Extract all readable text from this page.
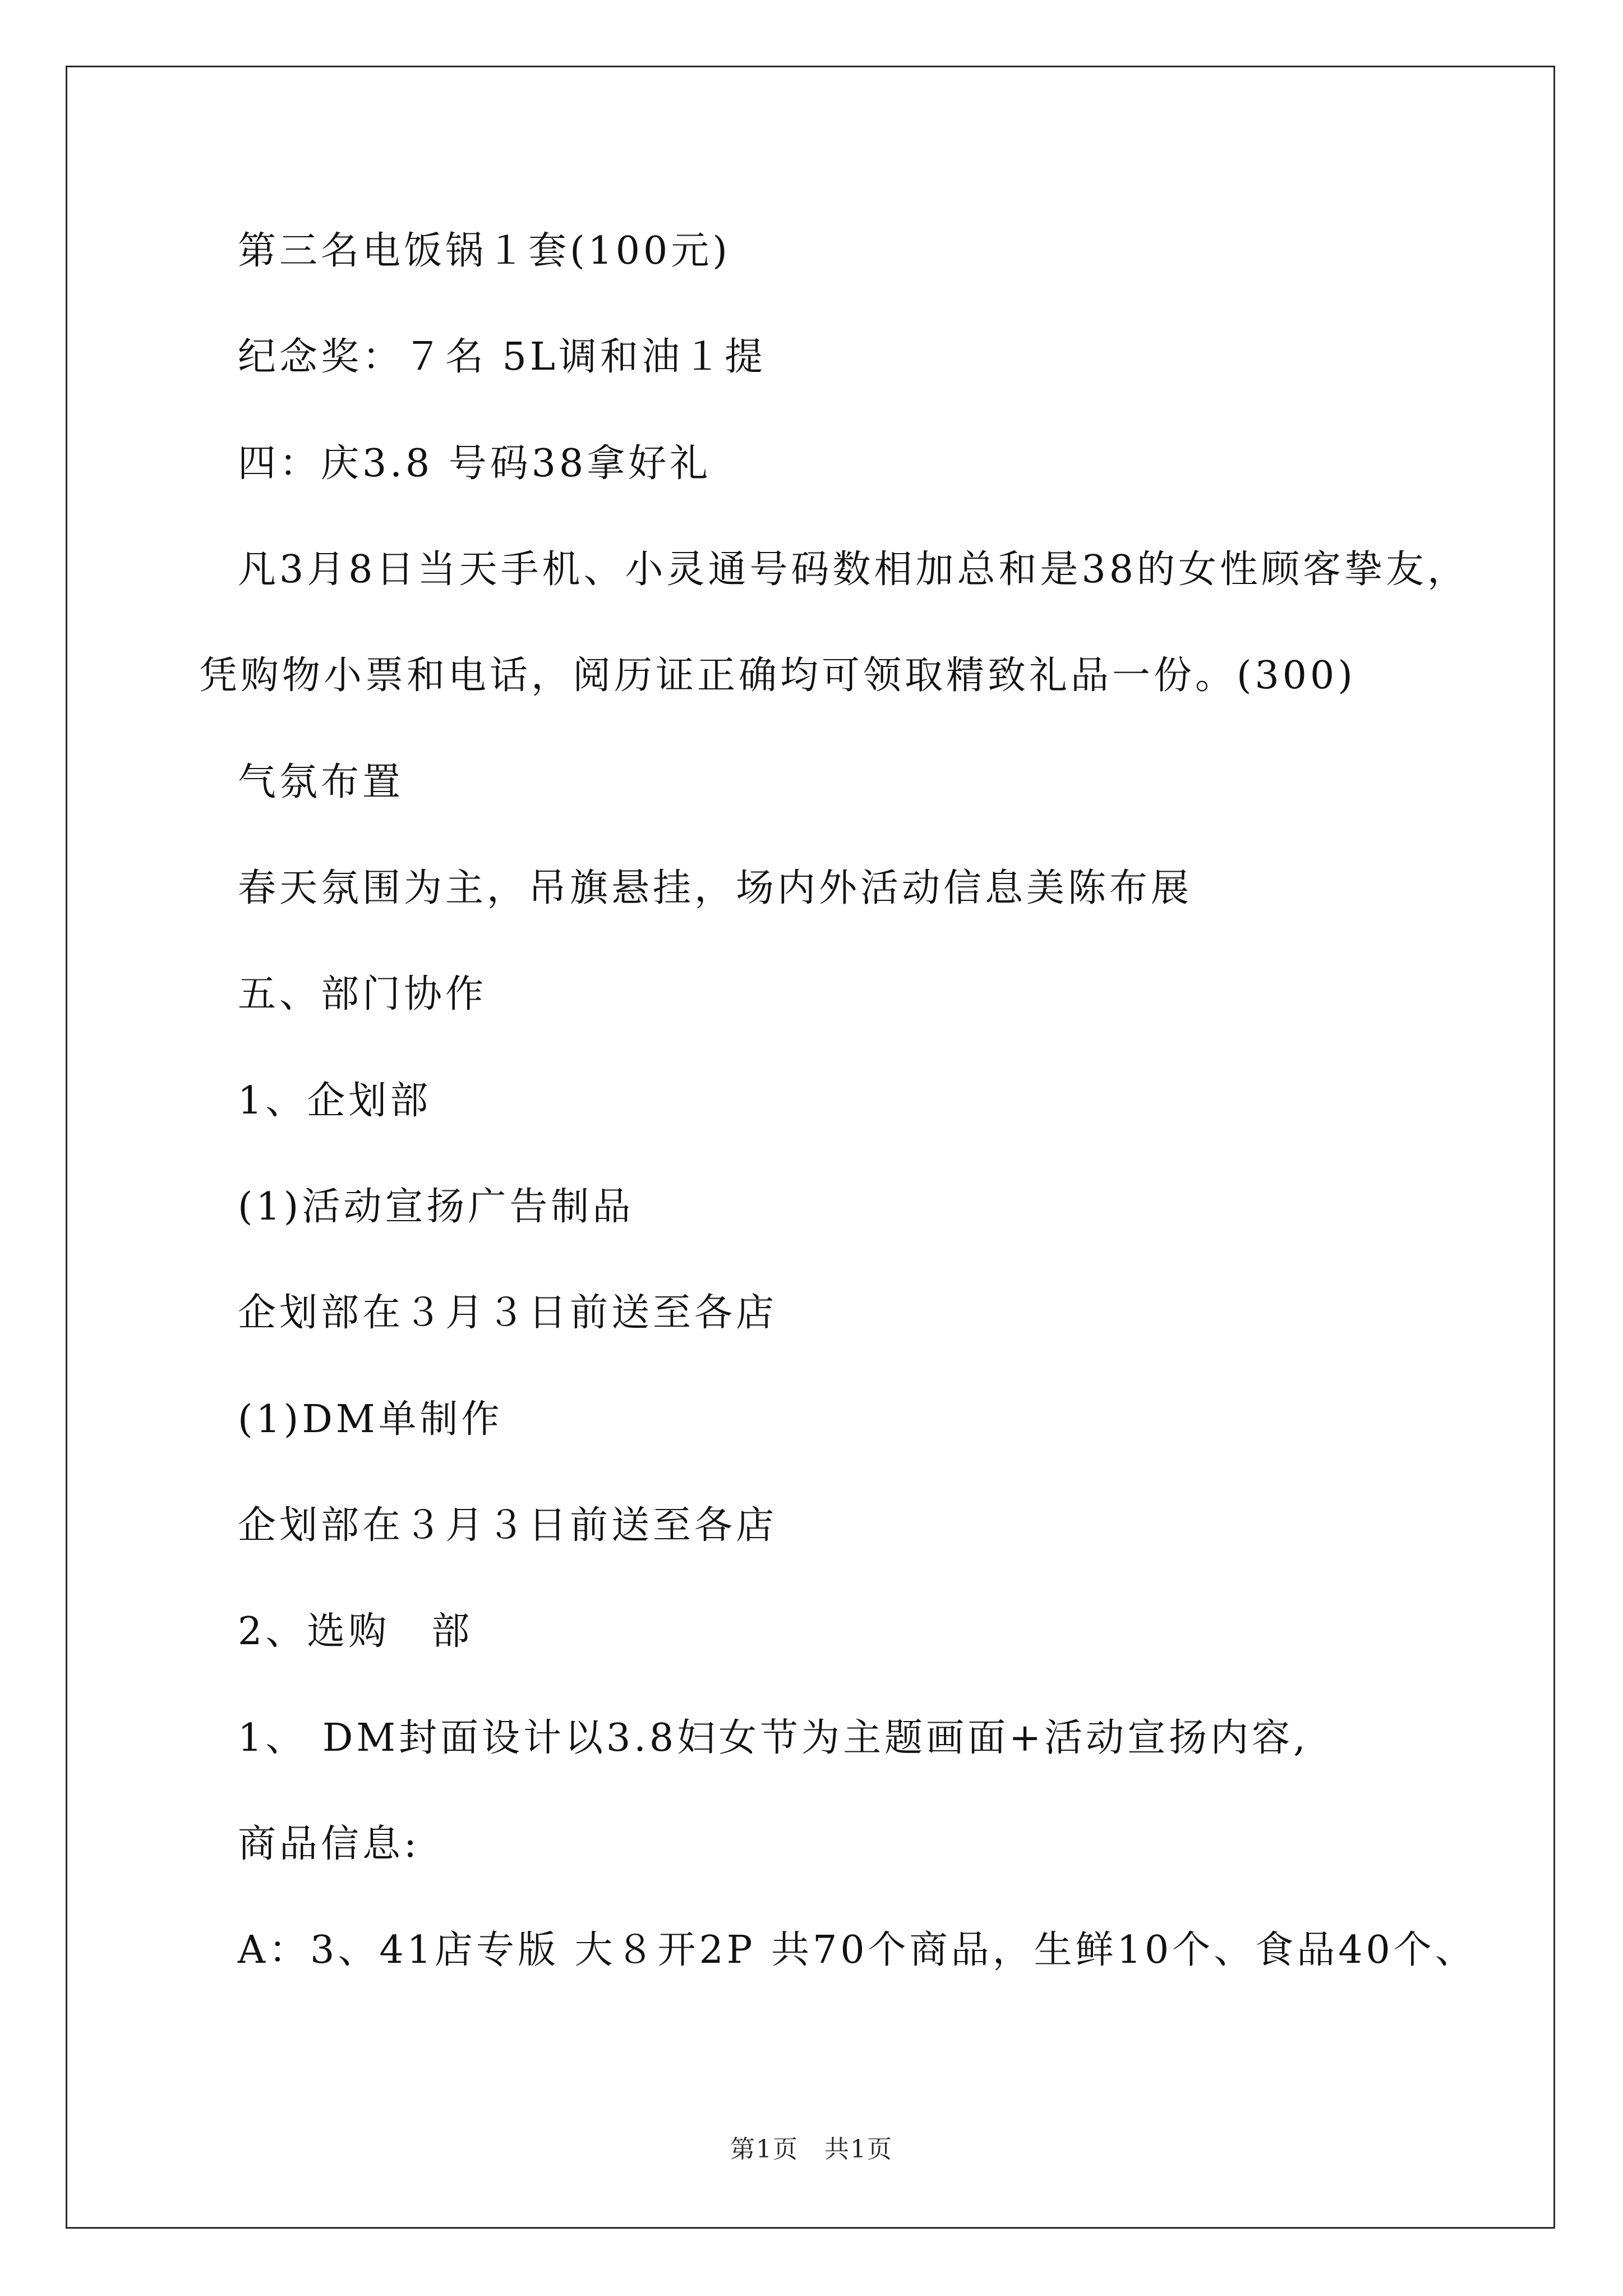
第三名电饭锅１套(100元)
纪念奖：７名 5L调和油１提
四：庆3.8 号码38拿好礼
凡3月8日当天手机、小灵通号码数相加总和是38的女性顾客挚友，
凭购物小票和电话，阅历证正确均可领取精致礼品一份。(300)
气氛布置
春天氛围为主，吊旗悬挂，场内外活动信息美陈布展
五、部门协作
1、企划部
(1)活动宣扬广告制品
企划部在３月３日前送至各店
(1)DM单制作
企划部在３月３日前送至各店
2、选购　部
1、 DM封面设计以3.8妇女节为主题画面+活动宣扬内容,
商品信息:
A：3、41店专版 大８开2P 共70个商品，生鲜10个、食品40个、
第1页　共1页
